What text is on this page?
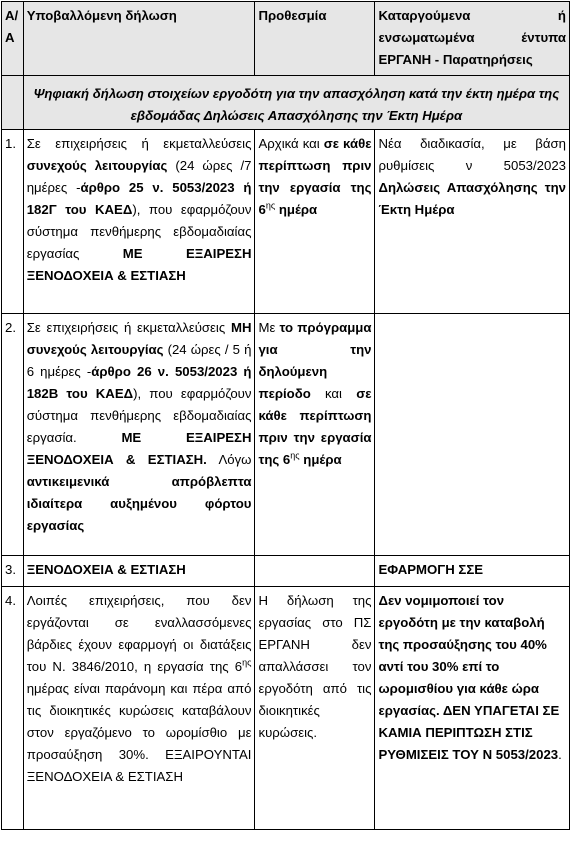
Α/Α	Υποβαλλόμενη δήλωση	Προθεσμία	Καταργούμενα ή ενσωματωμένα έντυπα
ΕΡΓΑΝΗ - Παρατηρήσεις
	Ψηφιακή δήλωση στοιχείων εργοδότη για την απασχόληση κατά την έκτη ημέρα της εβδομάδας Δηλώσεις Απασχόλησης την Έκτη Ημέρα		
1.	Σε επιχειρήσεις ή εκμεταλλεύσεις συνεχούς λειτουργίας (24 ώρες /7 ημέρες -άρθρο 25 ν. 5053/2023 ή 182Γ του ΚΑΕΔ), που εφαρμόζουν σύστημα πενθήμερης εβδομαδιαίας εργασίας ΜΕ ΕΞΑΙΡΕΣΗ ΞΕΝΟΔΟΧΕΙΑ & ΕΣΤΙΑΣΗ	Αρχικά και σε κάθε περίπτωση πριν την εργασία της $6^{\eta\varsigma}$ ημέρα	Νέα διαδικασία, με βάση ρυθμίσεις ν 5053/2023 Δηλώσεις Απασχόλησης την Έκτη Ημέρα
2.	Σε επιχειρήσεις ή εκμεταλλεύσεις ΜΗ συνεχούς λειτουργίας (24 ώρες / 5 ή 6 ημέρες -άρθρο 26 ν. 5053/2023 ή 182Β του ΚΑΕΔ), που εφαρμόζουν σύστημα πενθήμερης εβδομαδιαίας εργασία. ΜΕ ΕΞΑΙΡΕΣΗ ΞΕΝΟΔΟΧΕΙΑ & ΕΣΤΙΑΣΗ. Λόγω αντικειμενικά απρόβλεπτα ιδιαίτερα αυξημένου φόρτου εργασίας	Με το πρόγραμμα για την δηλούμενη περίοδο και σε κάθε περίπτωση πριν την εργασία της $6^{\eta\varsigma}$ ημέρα	
3.	ΞΕΝΟΔΟΧΕΙΑ & ΕΣΤΙΑΣΗ		ΕΦΑΡΜΟΓΗ ΣΣΕ
4.	Λοιπές επιχειρήσεις, που δεν εργάζονται σε εναλλασσόμενες βάρδιες έχουν εφαρμογή οι διατάξεις του Ν. 3846/2010, η εργασία της $6^{\eta\varsigma}$ ημέρας είναι παράνομη και πέρα από τις διοικητικές κυρώσεις καταβάλουν στον εργαζόμενο το ωρομίσθιο με προσαύξηση 30%. ΕΞΑΙΡΟΥΝΤΑΙ ΞΕΝΟΔΟΧΕΙΑ & ΕΣΤΙΑΣΗ	Η δήλωση της εργασίας στο ΠΣ ΕΡΓΑΝΗ δεν απαλλάσσει τον εργοδότη από τις διοικητικές κυρώσεις.	Δεν νομιμοποιεί τον εργοδότη με την καταβολή της προσαύξησης του 40% αντί του 30% επί το ωρομισθίου για κάθε ώρα εργασίας. ΔΕΝ ΥΠΑΓΕΤΑΙ ΣΕ ΚΑΜΙΑ ΠΕΡΙΠΤΩΣΗ ΣΤΙΣ ΡΥΘΜΙΣΕΙΣ ΤΟΥ Ν 5053/2023.
